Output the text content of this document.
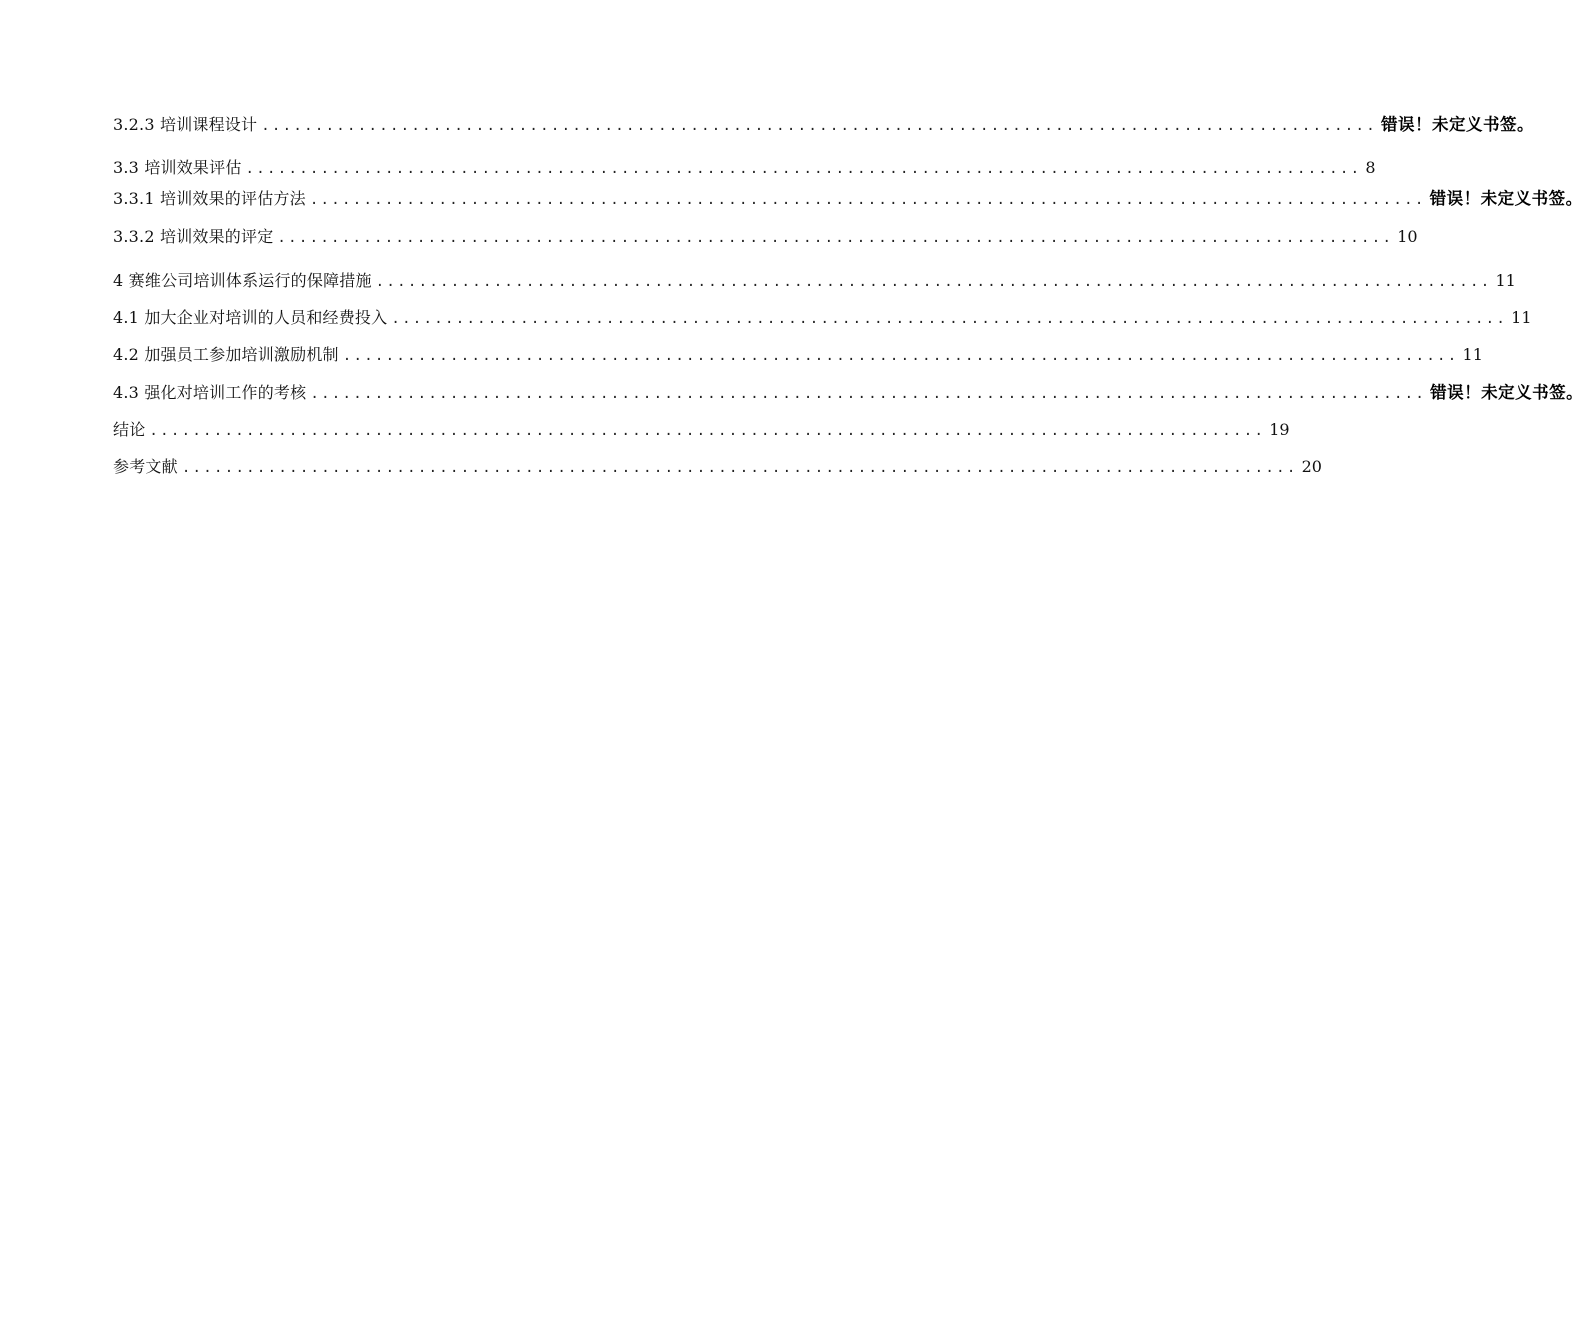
3.2.3 培训课程设计 ........................................................................................................ 错误！未定义书签。
3.3 培训效果评估 ........................................................................................................ 8
3.3.1 培训效果的评估方法 ........................................................................................................ 错误！未定义书签。
3.3.2 培训效果的评定 ........................................................................................................ 10
4 赛维公司培训体系运行的保障措施 ........................................................................................................ 11
4.1 加大企业对培训的人员和经费投入 ........................................................................................................ 11
4.2 加强员工参加培训激励机制 ........................................................................................................ 11
4.3 强化对培训工作的考核 ........................................................................................................ 错误！未定义书签。
结论 ........................................................................................................ 19
参考文献 ........................................................................................................ 20
